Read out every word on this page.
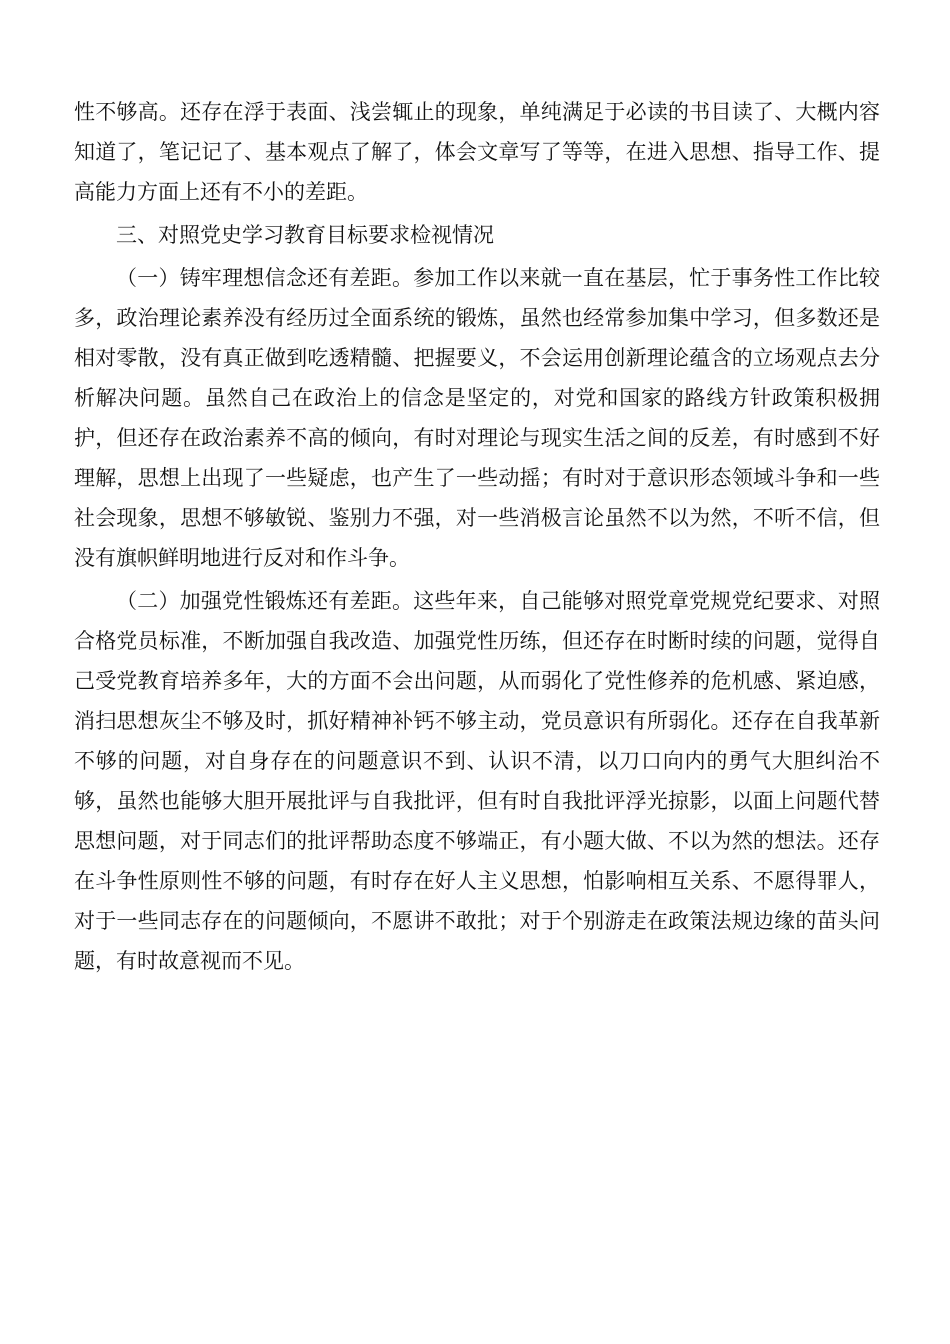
性不够高。还存在浮于表面、浅尝辄止的现象，单纯满足于必读的书目读了、大概内容知道了，笔记记了、基本观点了解了，体会文章写了等等，在进入思想、指导工作、提高能力方面上还有不小的差距。

三、对照党史学习教育目标要求检视情况

（一）铸牢理想信念还有差距。参加工作以来就一直在基层，忙于事务性工作比较多，政治理论素养没有经历过全面系统的锻炼，虽然也经常参加集中学习，但多数还是相对零散，没有真正做到吃透精髓、把握要义，不会运用创新理论蕴含的立场观点去分析解决问题。虽然自己在政治上的信念是坚定的，对党和国家的路线方针政策积极拥护，但还存在政治素养不高的倾向，有时对理论与现实生活之间的反差，有时感到不好理解，思想上出现了一些疑虑，也产生了一些动摇；有时对于意识形态领域斗争和一些社会现象，思想不够敏锐、鉴别力不强，对一些消极言论虽然不以为然，不听不信，但没有旗帜鲜明地进行反对和作斗争。

（二）加强党性锻炼还有差距。这些年来，自己能够对照党章党规党纪要求、对照合格党员标准，不断加强自我改造、加强党性历练，但还存在时断时续的问题，觉得自己受党教育培养多年，大的方面不会出问题，从而弱化了党性修养的危机感、紧迫感，消扫思想灰尘不够及时，抓好精神补钙不够主动，党员意识有所弱化。还存在自我革新不够的问题，对自身存在的问题意识不到、认识不清，以刀口向内的勇气大胆纠治不够，虽然也能够大胆开展批评与自我批评，但有时自我批评浮光掠影，以面上问题代替思想问题，对于同志们的批评帮助态度不够端正，有小题大做、不以为然的想法。还存在斗争性原则性不够的问题，有时存在好人主义思想，怕影响相互关系、不愿得罪人，对于一些同志存在的问题倾向，不愿讲不敢批；对于个别游走在政策法规边缘的苗头问题，有时故意视而不见。
